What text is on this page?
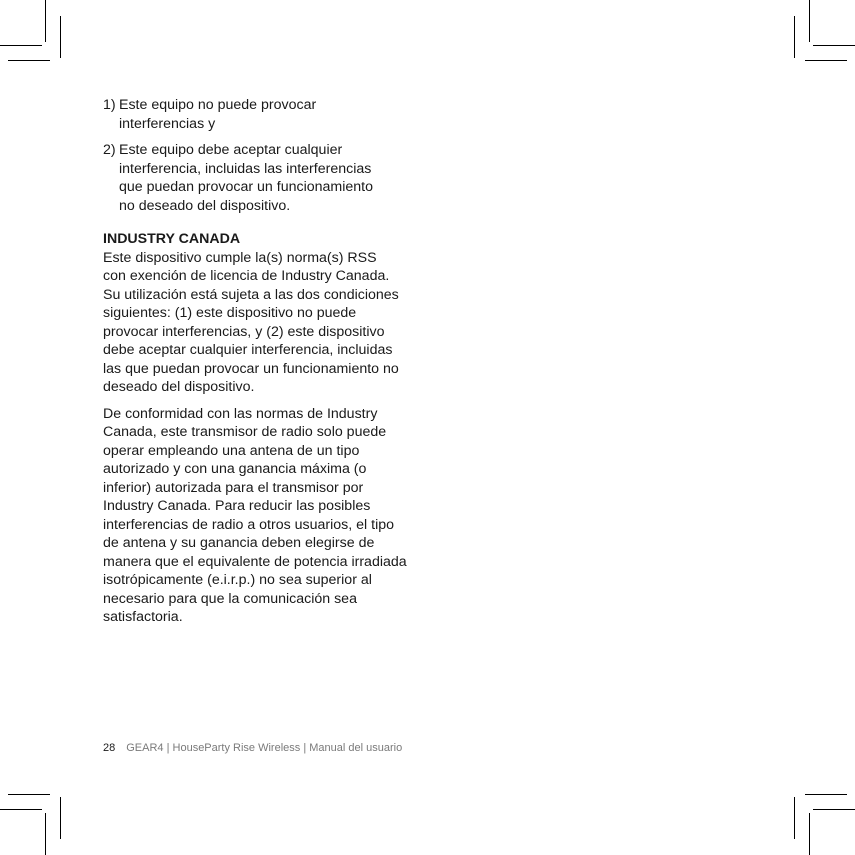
1) Este equipo no puede provocar
interferencias y
2) Este equipo debe aceptar cualquier
interferencia, incluidas las interferencias
que puedan provocar un funcionamiento
no deseado del dispositivo.
INDUSTRY CANADA
Este dispositivo cumple la(s) norma(s) RSS
con exención de licencia de Industry Canada.
Su utilización está sujeta a las dos condiciones
siguientes: (1) este dispositivo no puede
provocar interferencias, y (2) este dispositivo
debe aceptar cualquier interferencia, incluidas
las que puedan provocar un funcionamiento no
deseado del dispositivo.
De conformidad con las normas de Industry
Canada, este transmisor de radio solo puede
operar empleando una antena de un tipo
autorizado y con una ganancia máxima (o
inferior) autorizada para el transmisor por
Industry Canada. Para reducir las posibles
interferencias de radio a otros usuarios, el tipo
de antena y su ganancia deben elegirse de
manera que el equivalente de potencia irradiada
isotrópicamente (e.i.r.p.) no sea superior al
necesario para que la comunicación sea
satisfactoria.
28 GEAR4 | HouseParty Rise Wireless | Manual del usuario
